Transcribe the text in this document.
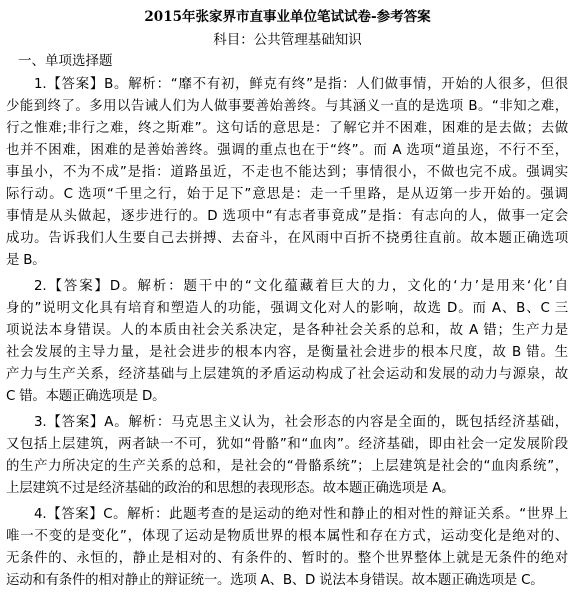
2015年张家界市直事业单位笔试试卷-参考答案
科目：公共管理基础知识
一、单项选择题
1.【答案】B。解析：“靡不有初，鲜克有终”是指：人们做事情，开始的人很多，但很
少能到终了。多用以告诫人们为人做事要善始善终。与其涵义一直的是选项 B。“非知之难，
行之惟难;非行之难，终之斯难”。这句话的意思是：了解它并不困难，困难的是去做；去做
也并不困难，困难的是善始善终。强调的重点也在于“终”。而 A 选项“道虽迩，不行不至，
事虽小，不为不成”是指：道路虽近，不走也不能达到；事情很小，不做也完不成。强调实
际行动。C 选项“千里之行，始于足下”意思是：走一千里路，是从迈第一步开始的。强调
事情是从头做起，逐步进行的。D 选项中“有志者事竟成”是指：有志向的人，做事一定会
成功。告诉我们人生要自己去拼搏、去奋斗，在风雨中百折不挠勇往直前。故本题正确选项
是 B。
2.【答案】D。解析：题干中的“文化蕴藏着巨大的力，文化的‘力’是用来‘化’自
身的”说明文化具有培育和塑造人的功能，强调文化对人的影响，故选 D。而 A、B、C 三
项说法本身错误。人的本质由社会关系决定，是各种社会关系的总和，故 A 错；生产力是
社会发展的主导力量，是社会进步的根本内容，是衡量社会进步的根本尺度，故 B 错。生
产力与生产关系，经济基础与上层建筑的矛盾运动构成了社会运动和发展的动力与源泉，故
C 错。本题正确选项是 D。
3.【答案】A。解析：马克思主义认为，社会形态的内容是全面的，既包括经济基础，
又包括上层建筑，两者缺一不可，犹如“骨骼”和“血肉”。经济基础，即由社会一定发展阶段
的生产力所决定的生产关系的总和，是社会的“骨骼系统”；上层建筑是社会的“血肉系统”，
上层建筑不过是经济基础的政治的和思想的表现形态。故本题正确选项是 A。
4.【答案】C。解析：此题考查的是运动的绝对性和静止的相对性的辩证关系。“世界上
唯一不变的是变化”，体现了运动是物质世界的根本属性和存在方式，运动变化是绝对的、
无条件的、永恒的，静止是相对的、有条件的、暂时的。整个世界整体上就是无条件的绝对
运动和有条件的相对静止的辩证统一。选项 A、B、D 说法本身错误。故本题正确选项是 C。
